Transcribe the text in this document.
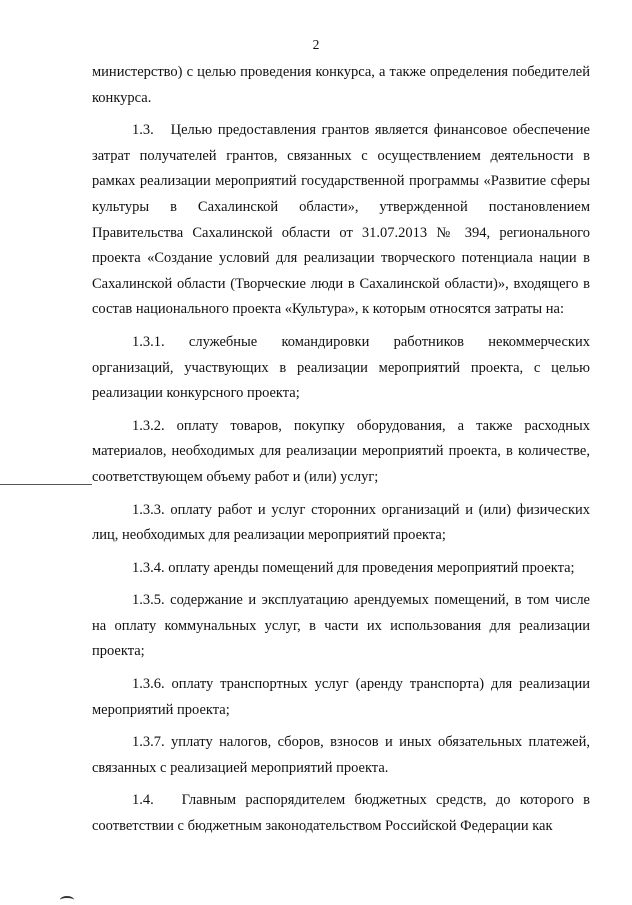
2

министерство) с целью проведения конкурса, а также определения победителей конкурса.

1.3.   Целью предоставления грантов является финансовое обеспечение затрат получателей грантов, связанных с осуществлением деятельности в рамках реализации мероприятий государственной программы «Развитие сферы культуры в Сахалинской области», утвержденной постановлением Правительства Сахалинской области от 31.07.2013 № 394, регионального проекта «Создание условий для реализации творческого потенциала нации в Сахалинской области (Творческие люди в Сахалинской области)», входящего в состав национального проекта «Культура», к которым относятся затраты на:

1.3.1. служебные командировки работников некоммерческих организаций, участвующих в реализации мероприятий проекта, с целью реализации конкурсного проекта;

1.3.2. оплату товаров, покупку оборудования, а также расходных материалов, необходимых для реализации мероприятий проекта, в количестве, соответствующем объему работ и (или) услуг;

1.3.3. оплату работ и услуг сторонних организаций и (или) физических лиц, необходимых для реализации мероприятий проекта;

1.3.4. оплату аренды помещений для проведения мероприятий проекта;

1.3.5. содержание и эксплуатацию арендуемых помещений, в том числе на оплату коммунальных услуг, в части их использования для реализации проекта;

1.3.6. оплату транспортных услуг (аренду транспорта) для реализации мероприятий проекта;

1.3.7. уплату налогов, сборов, взносов и иных обязательных платежей, связанных с реализацией мероприятий проекта.

1.4.   Главным распорядителем бюджетных средств, до которого в соответствии с бюджетным законодательством Российской Федерации как
